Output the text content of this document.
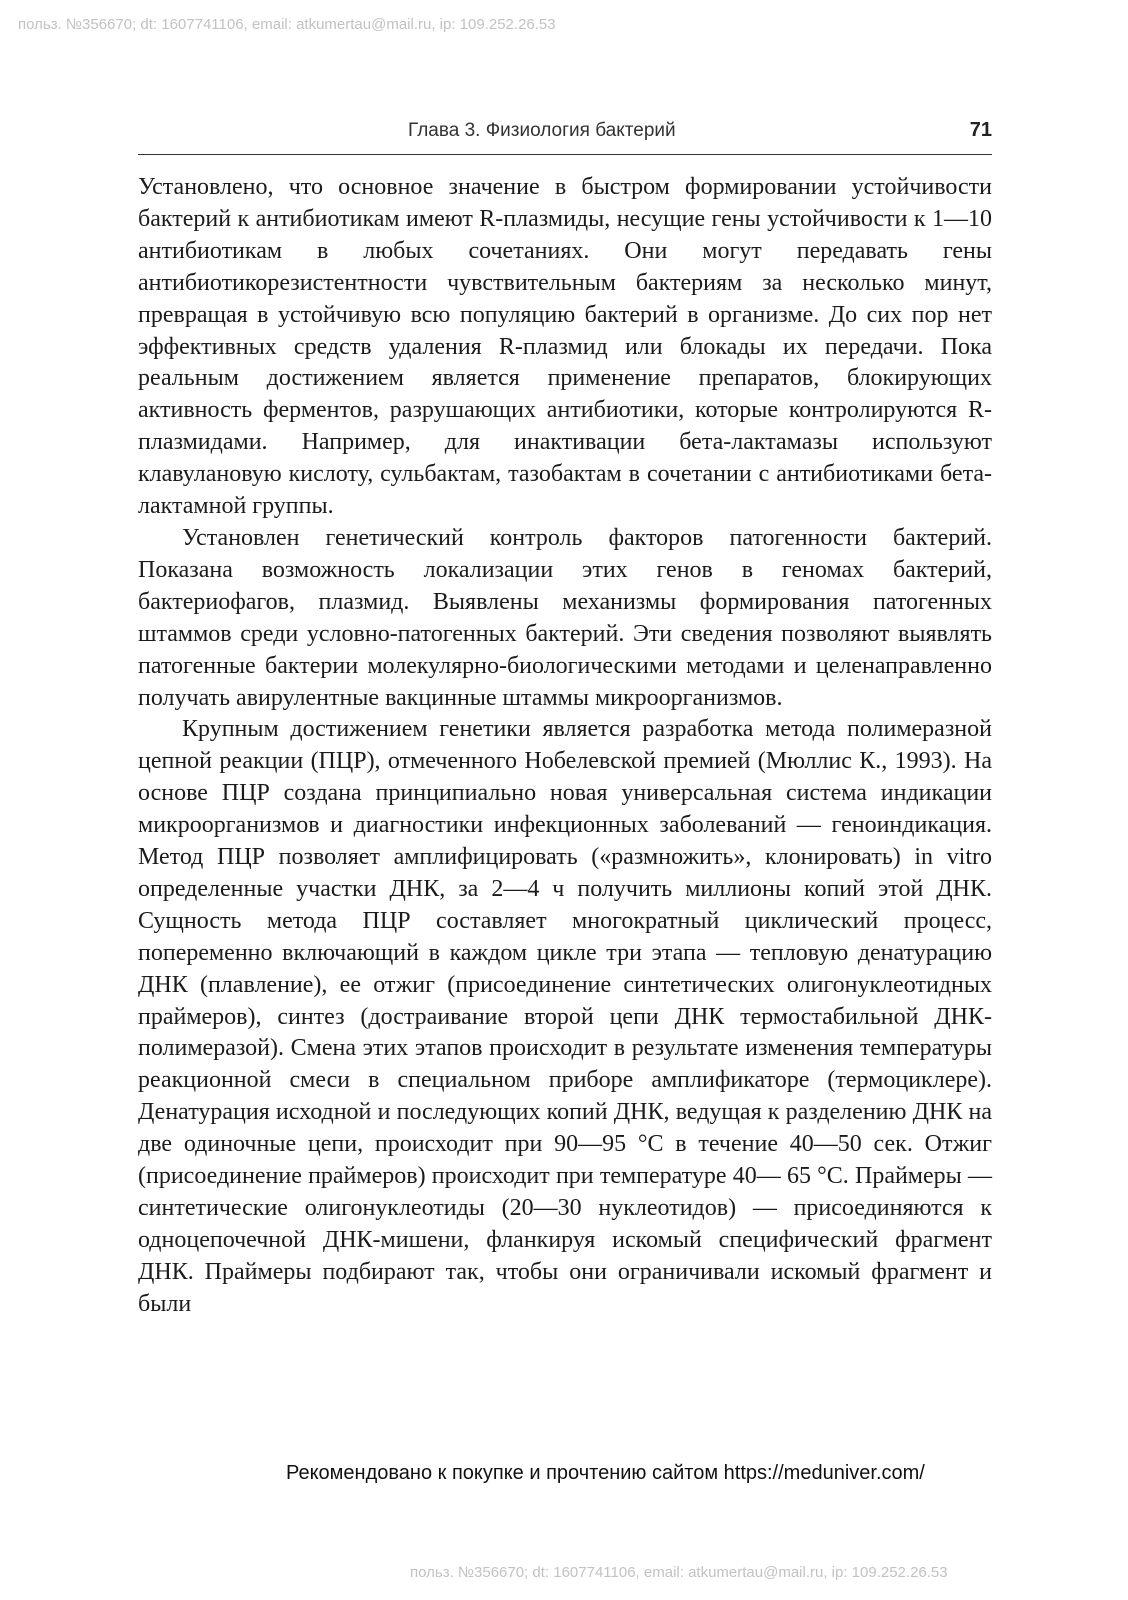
польз. №356670; dt: 1607741106, email: atkumertau@mail.ru, ip: 109.252.26.53
Глава 3. Физиология бактерий	71

Установлено, что основное значение в быстром формировании устойчивости бактерий к антибиотикам имеют R-плазмиды, несущие гены устойчивости к 1—10 антибиотикам в любых сочетаниях. Они могут передавать гены антибиотикорезистентности чувствительным бактериям за несколько минут, превращая в устойчивую всю популяцию бактерий в организме. До сих пор нет эффективных средств удаления R-плазмид или блокады их передачи. Пока реальным достижением является применение препаратов, блокирующих активность ферментов, разрушающих антибиотики, которые контролируются R-плазмидами. Например, для инактивации бета-лактамазы используют клавулановую кислоту, сульбактам, тазобактам в сочетании с антибиотиками бета-лактамной группы.

Установлен генетический контроль факторов патогенности бактерий. Показана возможность локализации этих генов в геномах бактерий, бактериофагов, плазмид. Выявлены механизмы формирования патогенных штаммов среди условно-патогенных бактерий. Эти сведения позволяют выявлять патогенные бактерии молекулярно-биологическими методами и целенаправленно получать авирулентные вакцинные штаммы микроорганизмов.

Крупным достижением генетики является разработка метода полимеразной цепной реакции (ПЦР), отмеченного Нобелевской премией (Мюллис К., 1993). На основе ПЦР создана принципиально новая универсальная система индикации микроорганизмов и диагностики инфекционных заболеваний — геноиндикация. Метод ПЦР позволяет амплифицировать («размножить», клонировать) in vitro определенные участки ДНК, за 2—4 ч получить миллионы копий этой ДНК. Сущность метода ПЦР составляет многократный циклический процесс, попеременно включающий в каждом цикле три этапа — тепловую денатурацию ДНК (плавление), ее отжиг (присоединение синтетических олигонуклеотидных праймеров), синтез (достраивание второй цепи ДНК термостабильной ДНК-полимеразой). Смена этих этапов происходит в результате изменения температуры реакционной смеси в специальном приборе амплификаторе (термоциклере). Денатурация исходной и последующих копий ДНК, ведущая к разделению ДНК на две одиночные цепи, происходит при 90—95 °С в течение 40—50 сек. Отжиг (присоединение праймеров) происходит при температуре 40— 65 °С. Праймеры — синтетические олигонуклеотиды (20—30 нуклеотидов) — присоединяются к одноцепочечной ДНК-мишени, фланкируя искомый специфический фрагмент ДНК. Праймеры подбирают так, чтобы они ограничивали искомый фрагмент и были

Рекомендовано к покупке и прочтению сайтом https://meduniver.com/
польз. №356670; dt: 1607741106, email: atkumertau@mail.ru, ip: 109.252.26.53
